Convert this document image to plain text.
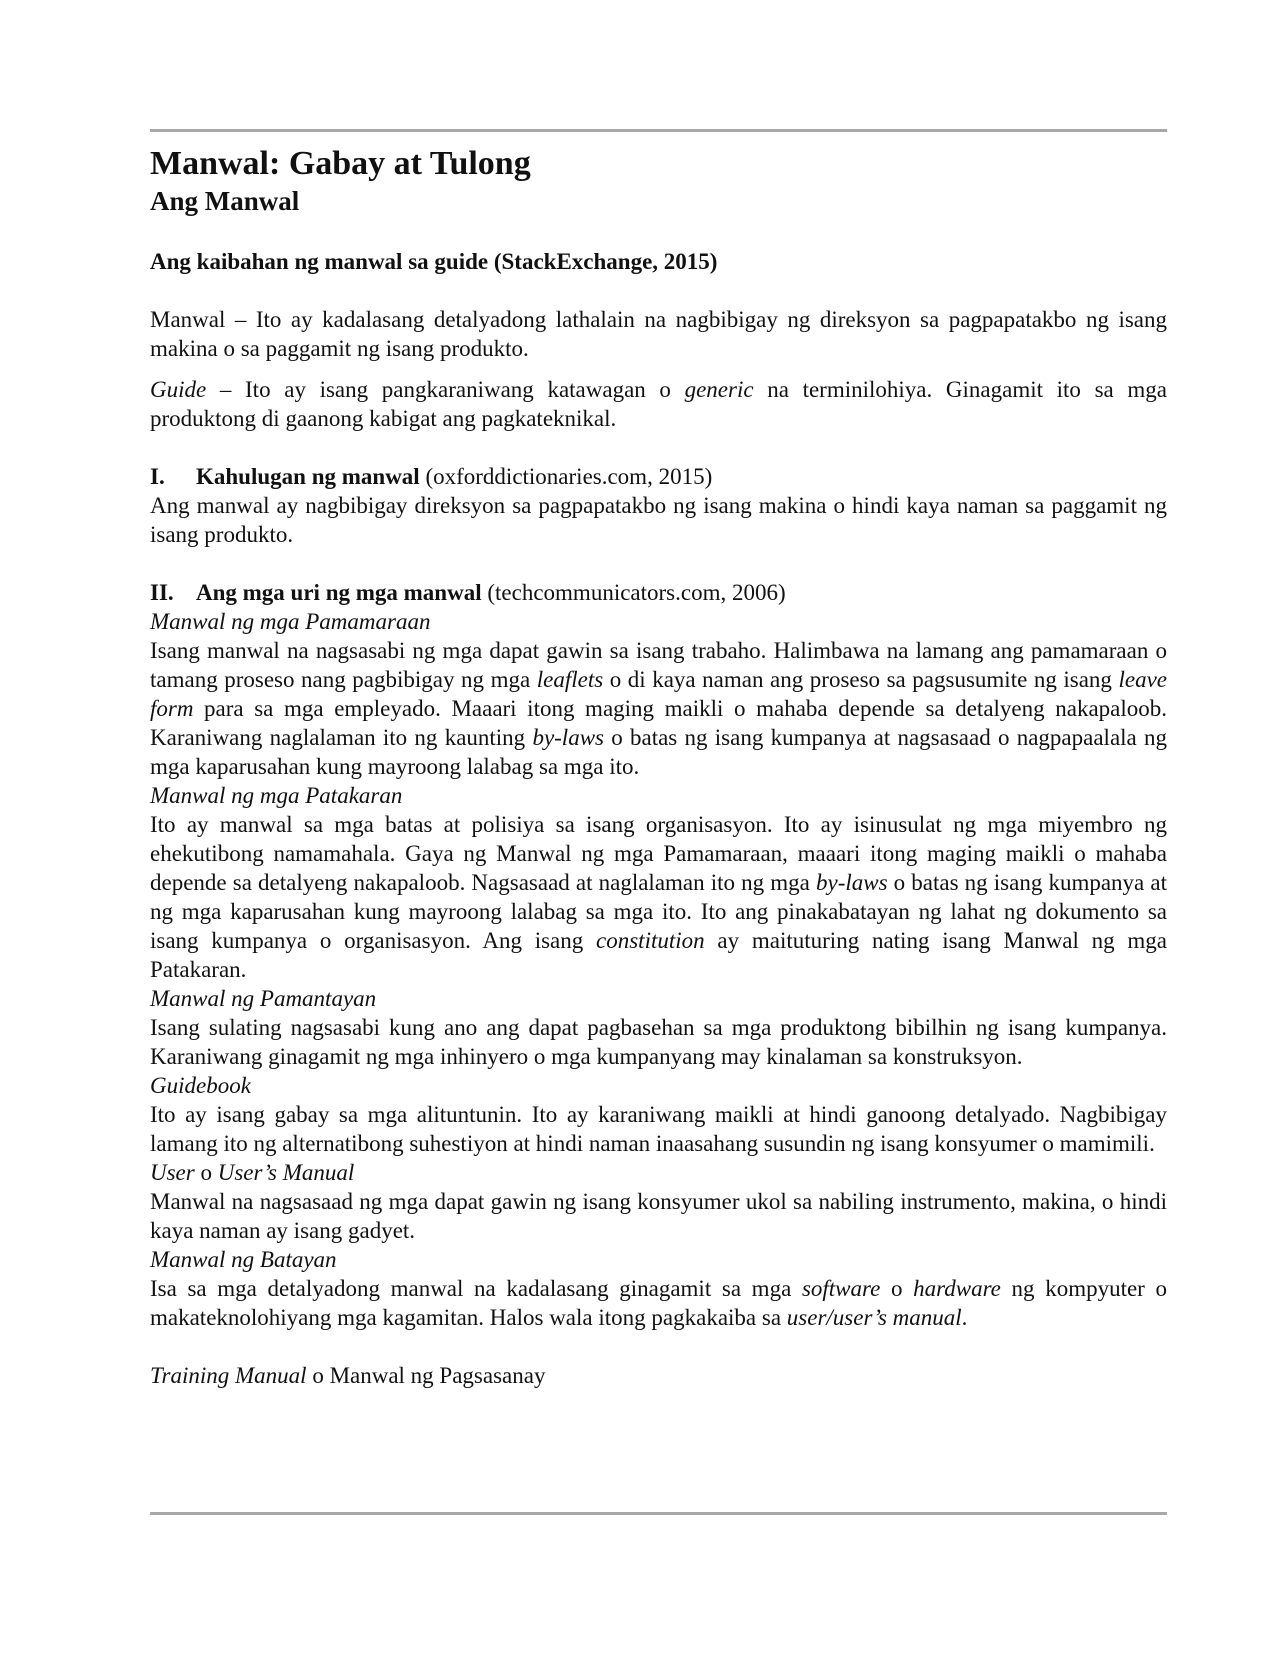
Manwal: Gabay at Tulong
Ang Manwal
Ang kaibahan ng manwal sa guide (StackExchange, 2015)

Manwal – Ito ay kadalasang detalyadong lathalain na nagbibigay ng direksyon sa pagpapatakbo ng isang makina o sa paggamit ng isang produkto.

Guide – Ito ay isang pangkaraniwang katawagan o generic na terminilohiya. Ginagamit ito sa mga produktong di gaanong kabigat ang pagkateknikal.

I. Kahulugan ng manwal (oxforddictionaries.com, 2015)

Ang manwal ay nagbibigay direksyon sa pagpapatakbo ng isang makina o hindi kaya naman sa paggamit ng isang produkto.

II. Ang mga uri ng mga manwal (techcommunicators.com, 2006)
Manwal ng mga Pamamaraan

Isang manwal na nagsasabi ng mga dapat gawin sa isang trabaho. Halimbawa na lamang ang pamamaraan o tamang proseso nang pagbibigay ng mga leaflets o di kaya naman ang proseso sa pagsusumite ng isang leave form para sa mga empleyado. Maaari itong maging maikli o mahaba depende sa detalyeng nakapaloob. Karaniwang naglalaman ito ng kaunting by-laws o batas ng isang kumpanya at nagsasaad o nagpapaalala ng mga kaparusahan kung mayroong lalabag sa mga ito.

Manwal ng mga Patakaran

Ito ay manwal sa mga batas at polisiya sa isang organisasyon. Ito ay isinusulat ng mga miyembro ng ehekutibong namamahala. Gaya ng Manwal ng mga Pamamaraan, maaari itong maging maikli o mahaba depende sa detalyeng nakapaloob. Nagsasaad at naglalaman ito ng mga by-laws o batas ng isang kumpanya at ng mga kaparusahan kung mayroong lalabag sa mga ito. Ito ang pinakabatayan ng lahat ng dokumento sa isang kumpanya o organisasyon. Ang isang constitution ay maituturing nating isang Manwal ng mga Patakaran.

Manwal ng Pamantayan

Isang sulating nagsasabi kung ano ang dapat pagbasehan sa mga produktong bibilhin ng isang kumpanya. Karaniwang ginagamit ng mga inhinyero o mga kumpanyang may kinalaman sa konstruksyon.

Guidebook

Ito ay isang gabay sa mga alituntunin. Ito ay karaniwang maikli at hindi ganoong detalyado. Nagbibigay lamang ito ng alternatibong suhestiyon at hindi naman inaasahang susundin ng isang konsyumer o mamimili.

User o User’s Manual

Manwal na nagsasaad ng mga dapat gawin ng isang konsyumer ukol sa nabiling instrumento, makina, o hindi kaya naman ay isang gadyet.

Manwal ng Batayan

Isa sa mga detalyadong manwal na kadalasang ginagamit sa mga software o hardware ng kompyuter o makateknolohiyang mga kagamitan. Halos wala itong pagkakaiba sa user/user’s manual.

Training Manual o Manwal ng Pagsasanay
